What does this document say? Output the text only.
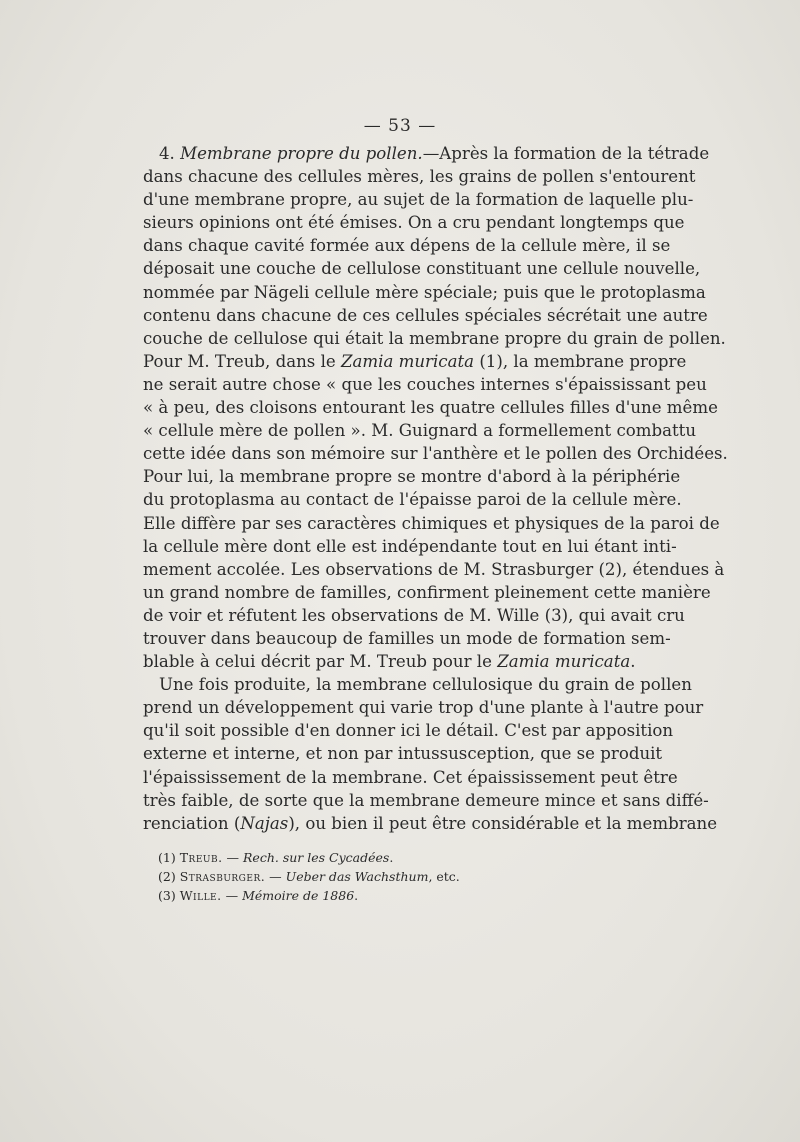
— 53 —
4. Membrane propre du pollen.—Après la formation de la tétrade
dans chacune des cellules mères, les grains de pollen s'entourent
d'une membrane propre, au sujet de la formation de laquelle plu-
sieurs opinions ont été émises. On a cru pendant longtemps que
dans chaque cavité formée aux dépens de la cellule mère, il se
déposait une couche de cellulose constituant une cellule nouvelle,
nommée par Nägeli cellule mère spéciale; puis que le protoplasma
contenu dans chacune de ces cellules spéciales sécrétait une autre
couche de cellulose qui était la membrane propre du grain de pollen.
Pour M. Treub, dans le Zamia muricata (1), la membrane propre
ne serait autre chose « que les couches internes s'épaississant peu
« à peu, des cloisons entourant les quatre cellules filles d'une même
« cellule mère de pollen ». M. Guignard a formellement combattu
cette idée dans son mémoire sur l'anthère et le pollen des Orchidées.
Pour lui, la membrane propre se montre d'abord à la périphérie
du protoplasma au contact de l'épaisse paroi de la cellule mère.
Elle diffère par ses caractères chimiques et physiques de la paroi de
la cellule mère dont elle est indépendante tout en lui étant inti-
mement accolée. Les observations de M. Strasburger (2), étendues à
un grand nombre de familles, confirment pleinement cette manière
de voir et réfutent les observations de M. Wille (3), qui avait cru
trouver dans beaucoup de familles un mode de formation sem-
blable à celui décrit par M. Treub pour le Zamia muricata.
Une fois produite, la membrane cellulosique du grain de pollen
prend un développement qui varie trop d'une plante à l'autre pour
qu'il soit possible d'en donner ici le détail. C'est par apposition
externe et interne, et non par intussusception, que se produit
l'épaississement de la membrane. Cet épaississement peut être
très faible, de sorte que la membrane demeure mince et sans diffé-
renciation (Najas), ou bien il peut être considérable et la membrane
(1) Treub. — Rech. sur les Cycadées.
(2) Strasburger. — Ueber das Wachsthum, etc.
(3) Wille. — Mémoire de 1886.
